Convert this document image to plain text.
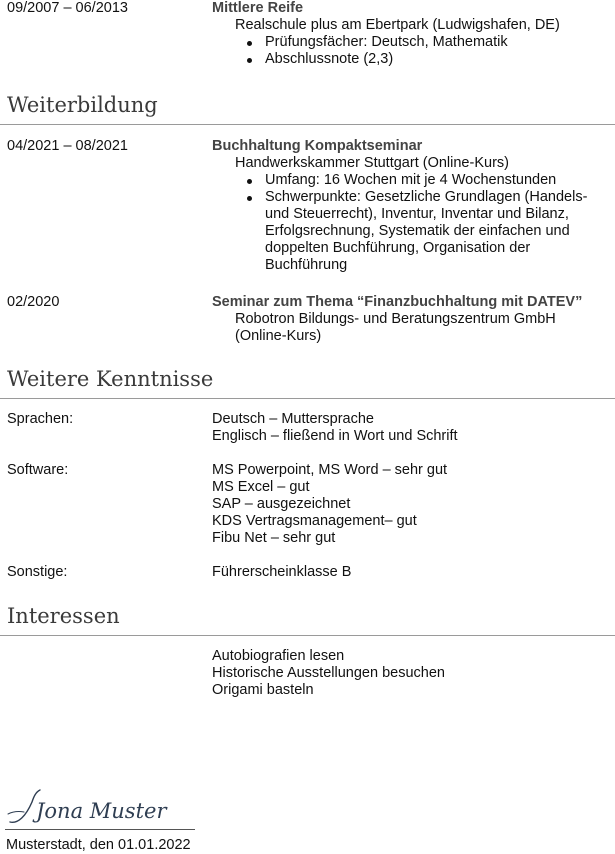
09/2007 – 06/2013	Mittlere Reife
Realschule plus am Ebertpark (Ludwigshafen, DE)
Prüfungsfächer: Deutsch, Mathematik
Abschlussnote (2,3)
Weiterbildung
04/2021 – 08/2021	Buchhaltung Kompaktseminar
Handwerkskammer Stuttgart (Online-Kurs)
Umfang: 16 Wochen mit je 4 Wochenstunden
Schwerpunkte: Gesetzliche Grundlagen (Handels- und Steuerrecht), Inventur, Inventar und Bilanz, Erfolgsrechnung, Systematik der einfachen und doppelten Buchführung, Organisation der Buchführung
02/2020	Seminar zum Thema “Finanzbuchhaltung mit DATEV”
Robotron Bildungs- und Beratungszentrum GmbH (Online-Kurs)
Weitere Kenntnisse
Sprachen:	Deutsch – Muttersprache
Englisch – fließend in Wort und Schrift
Software:	MS Powerpoint, MS Word – sehr gut
MS Excel – gut
SAP – ausgezeichnet
KDS Vertragsmanagement– gut
Fibu Net – sehr gut
Sonstige:	Führerscheinklasse B
Interessen
Autobiografien lesen
Historische Ausstellungen besuchen
Origami basteln
Jona Muster
Musterstadt, den 01.01.2022
